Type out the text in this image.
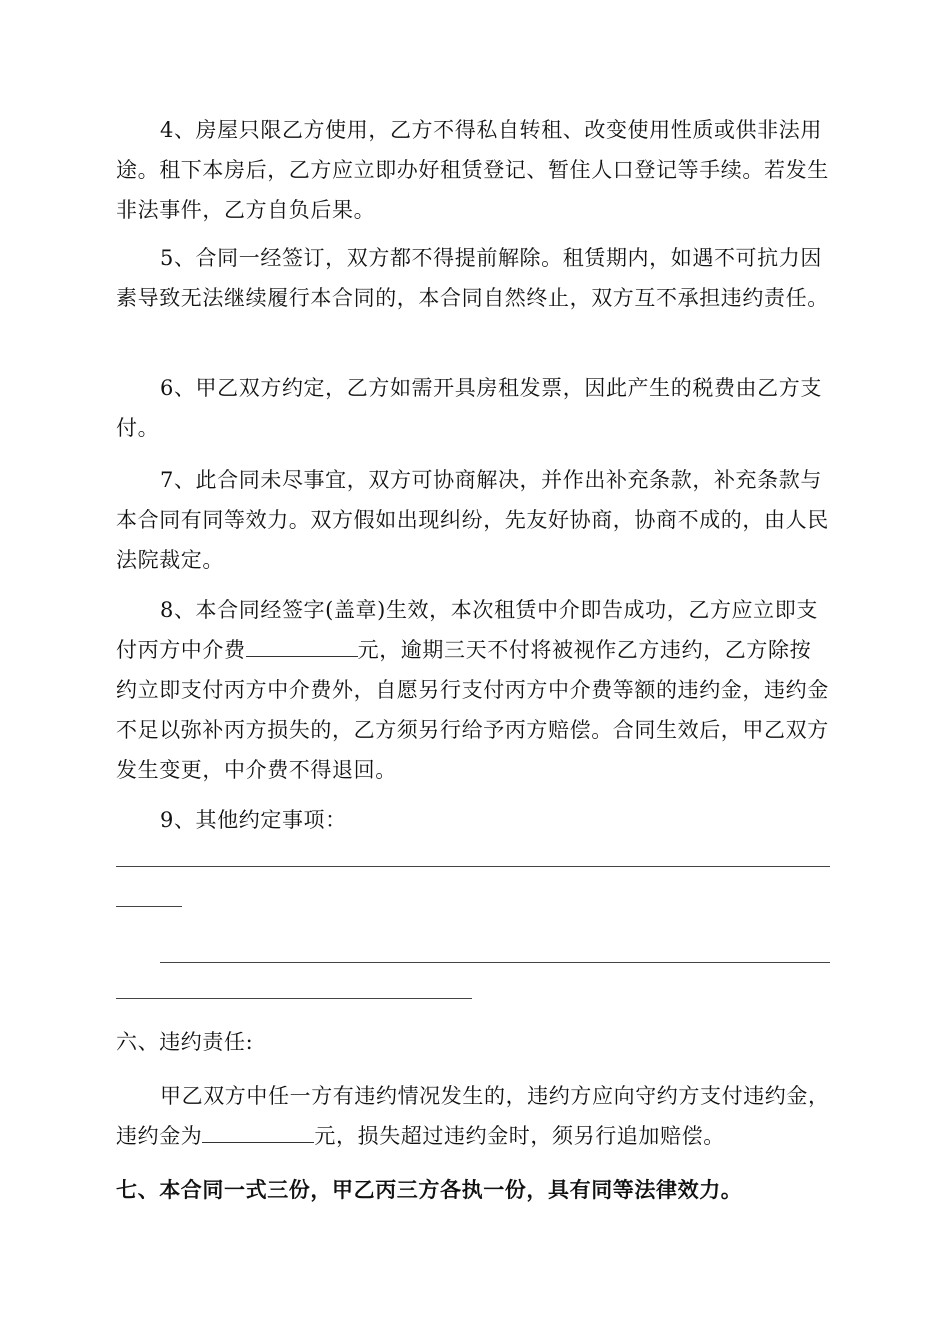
4、房屋只限乙方使用，乙方不得私自转租、改变使用性质或供非法用途。租下本房后，乙方应立即办好租赁登记、暂住人口登记等手续。若发生非法事件，乙方自负后果。

5、合同一经签订，双方都不得提前解除。租赁期内，如遇不可抗力因素导致无法继续履行本合同的，本合同自然终止，双方互不承担违约责任。

6、甲乙双方约定，乙方如需开具房租发票，因此产生的税费由乙方支付。

7、此合同未尽事宜，双方可协商解决，并作出补充条款，补充条款与本合同有同等效力。双方假如出现纠纷，先友好协商，协商不成的，由人民法院裁定。

8、本合同经签字(盖章)生效，本次租赁中介即告成功，乙方应立即支付丙方中介费	元，逾期三天不付将被视作乙方违约，乙方除按约立即支付丙方中介费外，自愿另行支付丙方中介费等额的违约金，违约金不足以弥补丙方损失的，乙方须另行给予丙方赔偿。合同生效后，甲乙双方发生变更，中介费不得退回。

9、其他约定事项：

六、违约责任:

甲乙双方中任一方有违约情况发生的，违约方应向守约方支付违约金，违约金为	元，损失超过违约金时，须另行追加赔偿。

七、本合同一式三份，甲乙丙三方各执一份，具有同等法律效力。
